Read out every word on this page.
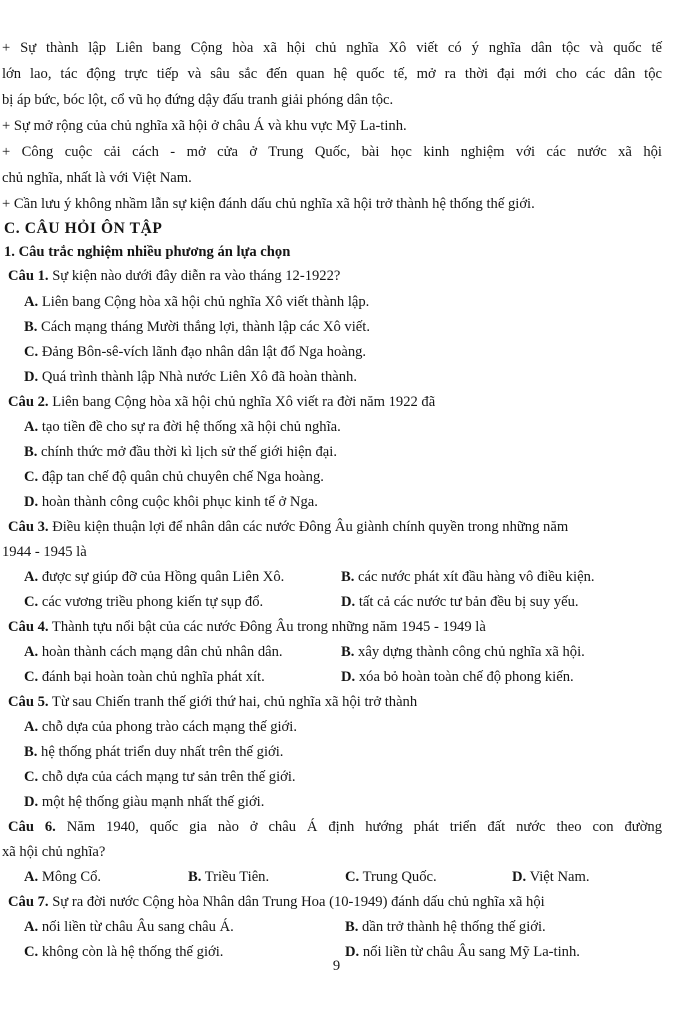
+ Sự thành lập Liên bang Cộng hòa xã hội chủ nghĩa Xô viết có ý nghĩa dân tộc và quốc tế
lớn lao, tác động trực tiếp và sâu sắc đến quan hệ quốc tế, mở ra thời đại mới cho các dân tộc
bị áp bức, bóc lột, cổ vũ họ đứng dậy đấu tranh giải phóng dân tộc.
+ Sự mở rộng của chủ nghĩa xã hội ở châu Á và khu vực Mỹ La-tinh.
+ Công cuộc cải cách - mở cửa ở Trung Quốc, bài học kinh nghiệm với các nước xã hội
chủ nghĩa, nhất là với Việt Nam.
+ Cần lưu ý không nhầm lẫn sự kiện đánh dấu chủ nghĩa xã hội trở thành hệ thống thế giới.
C. CÂU HỎI ÔN TẬP
1. Câu trắc nghiệm nhiều phương án lựa chọn
Câu 1. Sự kiện nào dưới đây diễn ra vào tháng 12-1922?
A. Liên bang Cộng hòa xã hội chủ nghĩa Xô viết thành lập.
B. Cách mạng tháng Mười thắng lợi, thành lập các Xô viết.
C. Đảng Bôn-sê-vích lãnh đạo nhân dân lật đổ Nga hoàng.
D. Quá trình thành lập Nhà nước Liên Xô đã hoàn thành.
Câu 2. Liên bang Cộng hòa xã hội chủ nghĩa Xô viết ra đời năm 1922 đã
A. tạo tiền đề cho sự ra đời hệ thống xã hội chủ nghĩa.
B. chính thức mở đầu thời kì lịch sử thế giới hiện đại.
C. đập tan chế độ quân chủ chuyên chế Nga hoàng.
D. hoàn thành công cuộc khôi phục kinh tế ở Nga.
Câu 3. Điều kiện thuận lợi để nhân dân các nước Đông Âu giành chính quyền trong những năm
1944 - 1945 là
A. được sự giúp đỡ của Hồng quân Liên Xô.	B. các nước phát xít đầu hàng vô điều kiện.
C. các vương triều phong kiến tự sụp đổ.	D. tất cả các nước tư bản đều bị suy yếu.
Câu 4. Thành tựu nổi bật của các nước Đông Âu trong những năm 1945 - 1949 là
A. hoàn thành cách mạng dân chủ nhân dân.	B. xây dựng thành công chủ nghĩa xã hội.
C. đánh bại hoàn toàn chủ nghĩa phát xít.	D. xóa bỏ hoàn toàn chế độ phong kiến.
Câu 5. Từ sau Chiến tranh thế giới thứ hai, chủ nghĩa xã hội trở thành
A. chỗ dựa của phong trào cách mạng thế giới.
B. hệ thống phát triển duy nhất trên thế giới.
C. chỗ dựa của cách mạng tư sản trên thế giới.
D. một hệ thống giàu mạnh nhất thế giới.
Câu 6. Năm 1940, quốc gia nào ở châu Á định hướng phát triển đất nước theo con đường
xã hội chủ nghĩa?
A. Mông Cổ.	B. Triều Tiên.	C. Trung Quốc.	D. Việt Nam.
Câu 7. Sự ra đời nước Cộng hòa Nhân dân Trung Hoa (10-1949) đánh dấu chủ nghĩa xã hội
A. nối liền từ châu Âu sang châu Á.	B. dần trở thành hệ thống thế giới.
C. không còn là hệ thống thế giới.	D. nối liền từ châu Âu sang Mỹ La-tinh.
9
